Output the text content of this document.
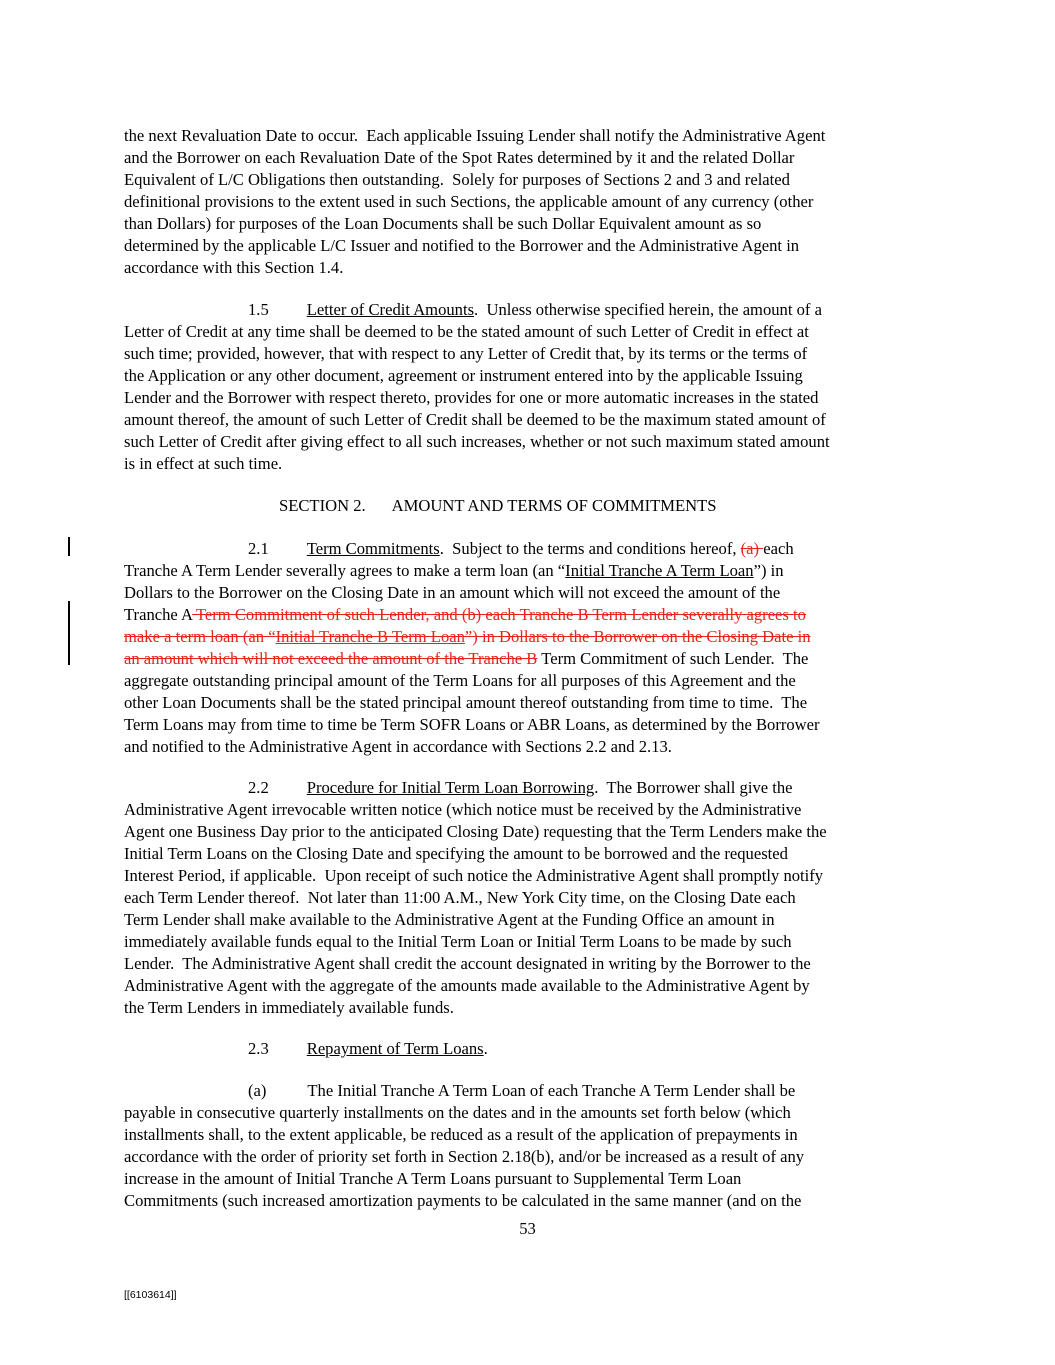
the next Revaluation Date to occur.  Each applicable Issuing Lender shall notify the Administrative Agent
and the Borrower on each Revaluation Date of the Spot Rates determined by it and the related Dollar
Equivalent of L/C Obligations then outstanding.  Solely for purposes of Sections 2 and 3 and related
definitional provisions to the extent used in such Sections, the applicable amount of any currency (other
than Dollars) for purposes of the Loan Documents shall be such Dollar Equivalent amount as so
determined by the applicable L/C Issuer and notified to the Borrower and the Administrative Agent in
accordance with this Section 1.4.
1.5 Letter of Credit Amounts.  Unless otherwise specified herein, the amount of a
Letter of Credit at any time shall be deemed to be the stated amount of such Letter of Credit in effect at
such time; provided, however, that with respect to any Letter of Credit that, by its terms or the terms of
the Application or any other document, agreement or instrument entered into by the applicable Issuing
Lender and the Borrower with respect thereto, provides for one or more automatic increases in the stated
amount thereof, the amount of such Letter of Credit shall be deemed to be the maximum stated amount of
such Letter of Credit after giving effect to all such increases, whether or not such maximum stated amount
is in effect at such time.
SECTION 2. AMOUNT AND TERMS OF COMMITMENTS
2.1 Term Commitments.  Subject to the terms and conditions hereof, (a) each
Tranche A Term Lender severally agrees to make a term loan (an “Initial Tranche A Term Loan”) in
Dollars to the Borrower on the Closing Date in an amount which will not exceed the amount of the
Tranche A Term Commitment of such Lender, and (b) each Tranche B Term Lender severally agrees to
make a term loan (an “Initial Tranche B Term Loan”) in Dollars to the Borrower on the Closing Date in
an amount which will not exceed the amount of the Tranche B Term Commitment of such Lender.  The
aggregate outstanding principal amount of the Term Loans for all purposes of this Agreement and the
other Loan Documents shall be the stated principal amount thereof outstanding from time to time.  The
Term Loans may from time to time be Term SOFR Loans or ABR Loans, as determined by the Borrower
and notified to the Administrative Agent in accordance with Sections 2.2 and 2.13.
2.2 Procedure for Initial Term Loan Borrowing.  The Borrower shall give the
Administrative Agent irrevocable written notice (which notice must be received by the Administrative
Agent one Business Day prior to the anticipated Closing Date) requesting that the Term Lenders make the
Initial Term Loans on the Closing Date and specifying the amount to be borrowed and the requested
Interest Period, if applicable.  Upon receipt of such notice the Administrative Agent shall promptly notify
each Term Lender thereof.  Not later than 11:00 A.M., New York City time, on the Closing Date each
Term Lender shall make available to the Administrative Agent at the Funding Office an amount in
immediately available funds equal to the Initial Term Loan or Initial Term Loans to be made by such
Lender.  The Administrative Agent shall credit the account designated in writing by the Borrower to the
Administrative Agent with the aggregate of the amounts made available to the Administrative Agent by
the Term Lenders in immediately available funds.
2.3 Repayment of Term Loans.
(a) The Initial Tranche A Term Loan of each Tranche A Term Lender shall be
payable in consecutive quarterly installments on the dates and in the amounts set forth below (which
installments shall, to the extent applicable, be reduced as a result of the application of prepayments in
accordance with the order of priority set forth in Section 2.18(b), and/or be increased as a result of any
increase in the amount of Initial Tranche A Term Loans pursuant to Supplemental Term Loan
Commitments (such increased amortization payments to be calculated in the same manner (and on the
53
[[6103614]]
